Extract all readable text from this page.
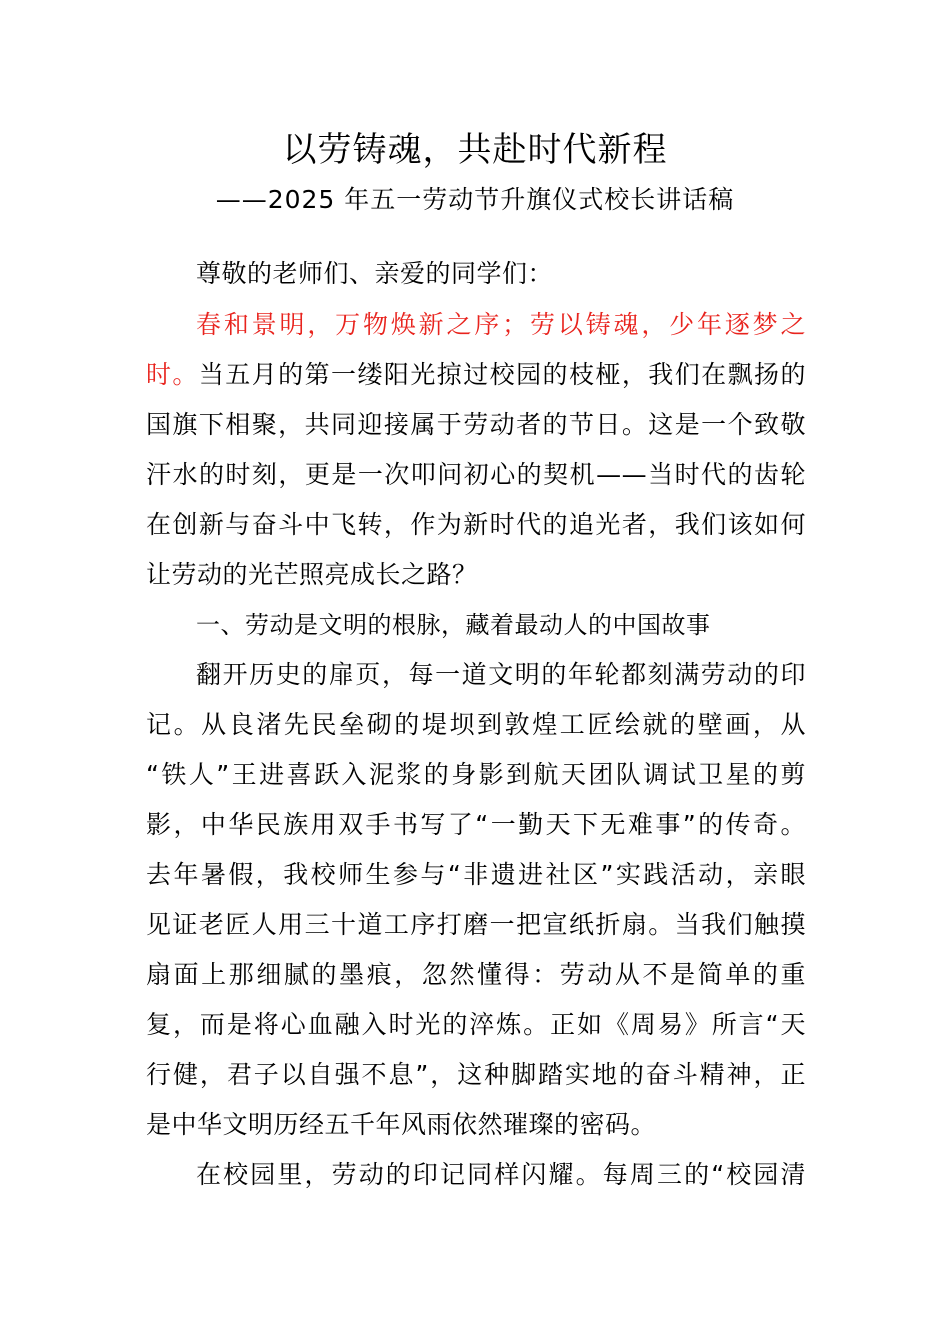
以劳铸魂，共赴时代新程
——2025 年五一劳动节升旗仪式校长讲话稿
尊敬的老师们、亲爱的同学们：
春和景明，万物焕新之序；劳以铸魂，少年逐梦之
时。当五月的第一缕阳光掠过校园的枝桠，我们在飘扬的
国旗下相聚，共同迎接属于劳动者的节日。这是一个致敬
汗水的时刻，更是一次叩问初心的契机——当时代的齿轮
在创新与奋斗中飞转，作为新时代的追光者，我们该如何
让劳动的光芒照亮成长之路？
一、劳动是文明的根脉，藏着最动人的中国故事
翻开历史的扉页，每一道文明的年轮都刻满劳动的印
记。从良渚先民垒砌的堤坝到敦煌工匠绘就的壁画，从
“铁人”王进喜跃入泥浆的身影到航天团队调试卫星的剪
影，中华民族用双手书写了“一勤天下无难事”的传奇。
去年暑假，我校师生参与“非遗进社区”实践活动，亲眼
见证老匠人用三十道工序打磨一把宣纸折扇。当我们触摸
扇面上那细腻的墨痕，忽然懂得：劳动从不是简单的重
复，而是将心血融入时光的淬炼。正如《周易》所言“天
行健，君子以自强不息”，这种脚踏实地的奋斗精神，正
是中华文明历经五千年风雨依然璀璨的密码。
在校园里，劳动的印记同样闪耀。每周三的“校园清
